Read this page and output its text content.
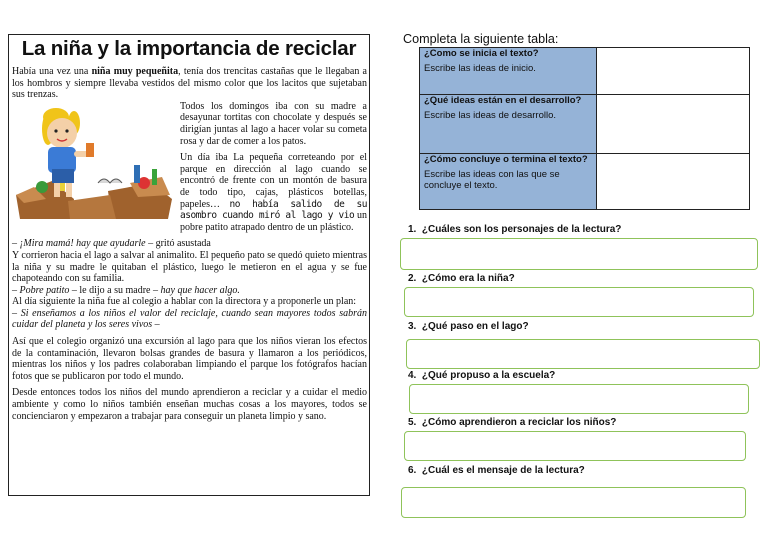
La niña y la importancia de reciclar

Había una vez una niña muy pequeñita, tenía dos trencitas castañas que le llegaban a los hombros y siempre llevaba vestidos del mismo color que los lacitos que sujetaban sus trenzas.

Todos los domingos iba con su madre a desayunar tortitas con chocolate y después se dirigían juntas al lago a hacer volar su cometa rosa y dar de comer a los patos.

Un día iba La pequeña correteando por el parque en dirección al lago cuando se encontró de frente con un montón de basura de todo tipo, cajas, plásticos botellas, papeles… no había salido de su asombro cuando miró al lago y vio un pobre patito atrapado dentro de un plástico.

– ¡Mira mamá! hay que ayudarle – gritó asustada

Y corrieron hacia el lago a salvar al animalito. El pequeño pato se quedó quieto mientras la niña y su madre le quitaban el plástico, luego le metieron en el agua y se fue chapoteando con su familia.

– Pobre patito – le dijo a su madre – hay que hacer algo.

Al día siguiente la niña fue al colegio a hablar con la directora y a proponerle un plan:

– Si enseñamos a los niños el valor del reciclaje, cuando sean mayores todos sabrán cuidar del planeta y los seres vivos –

Así que el colegio organizó una excursión al lago para que los niños vieran los efectos de la contaminación, llevaron bolsas grandes de basura y llamaron a los periódicos, mientras los niños y los padres colaboraban limpiando el parque los fotógrafos hacían fotos que se publicaron por todo el mundo.

Desde entonces todos los niños del mundo aprendieron a reciclar y a cuidar el medio ambiente y como lo niños también enseñan muchas cosas a los mayores, todos se concienciaron y empezaron a trabajar para conseguir un planeta limpio y sano.

Completa la siguiente tabla:
¿Como se inicia el texto?
Escribe las ideas de inicio.	

¿Qué ideas están en el desarrollo?
Escribe las ideas de desarrollo.	

¿Cómo concluye o termina el texto?
Escribe las ideas con las que se concluye el texto.	

1. ¿Cuáles son los personajes de la lectura?
2. ¿Cómo era la niña?
3. ¿Qué paso en el lago?
4. ¿Qué propuso a la escuela?
5. ¿Cómo aprendieron a reciclar los niños?
6. ¿Cuál es el mensaje de la lectura?
